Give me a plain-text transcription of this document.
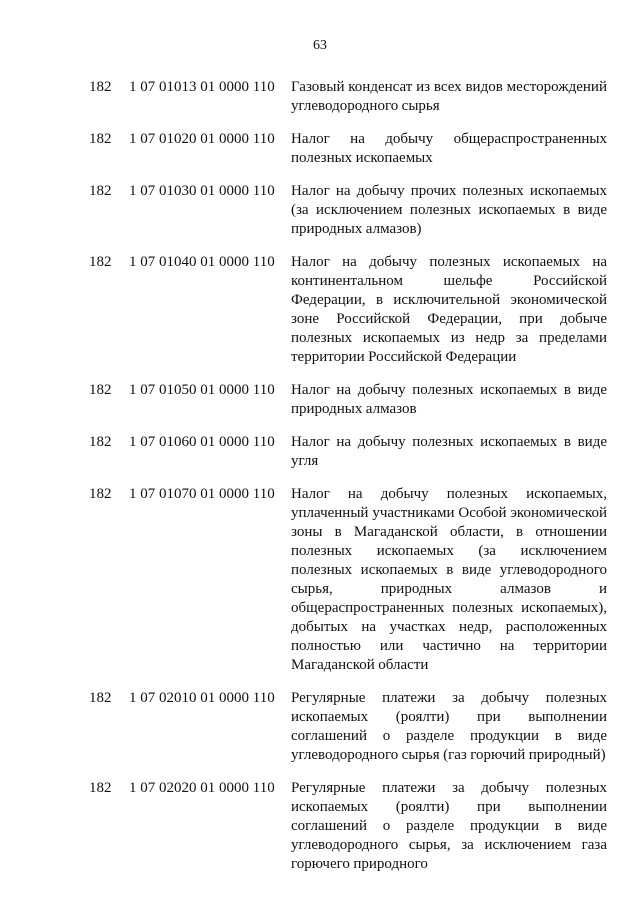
63
182	1 07 01013 01 0000 110	Газовый конденсат из всех видов месторождений углеводородного сырья
182	1 07 01020 01 0000 110	Налог на добычу общераспространенных полезных ископаемых
182	1 07 01030 01 0000 110	Налог на добычу прочих полезных ископаемых (за исключением полезных ископаемых в виде природных алмазов)
182	1 07 01040 01 0000 110	Налог на добычу полезных ископаемых на континентальном шельфе Российской Федерации, в исключительной экономической зоне Российской Федерации, при добыче полезных ископаемых из недр за пределами территории Российской Федерации
182	1 07 01050 01 0000 110	Налог на добычу полезных ископаемых в виде природных алмазов
182	1 07 01060 01 0000 110	Налог на добычу полезных ископаемых в виде угля
182	1 07 01070 01 0000 110	Налог на добычу полезных ископаемых, уплаченный участниками Особой экономической зоны в Магаданской области, в отношении полезных ископаемых (за исключением полезных ископаемых в виде углеводородного сырья, природных алмазов и общераспространенных полезных ископаемых), добытых на участках недр, расположенных полностью или частично на территории Магаданской области
182	1 07 02010 01 0000 110	Регулярные платежи за добычу полезных ископаемых (роялти) при выполнении соглашений о разделе продукции в виде углеводородного сырья (газ горючий природный)
182	1 07 02020 01 0000 110	Регулярные платежи за добычу полезных ископаемых (роялти) при выполнении соглашений о разделе продукции в виде углеводородного сырья, за исключением газа горючего природного
